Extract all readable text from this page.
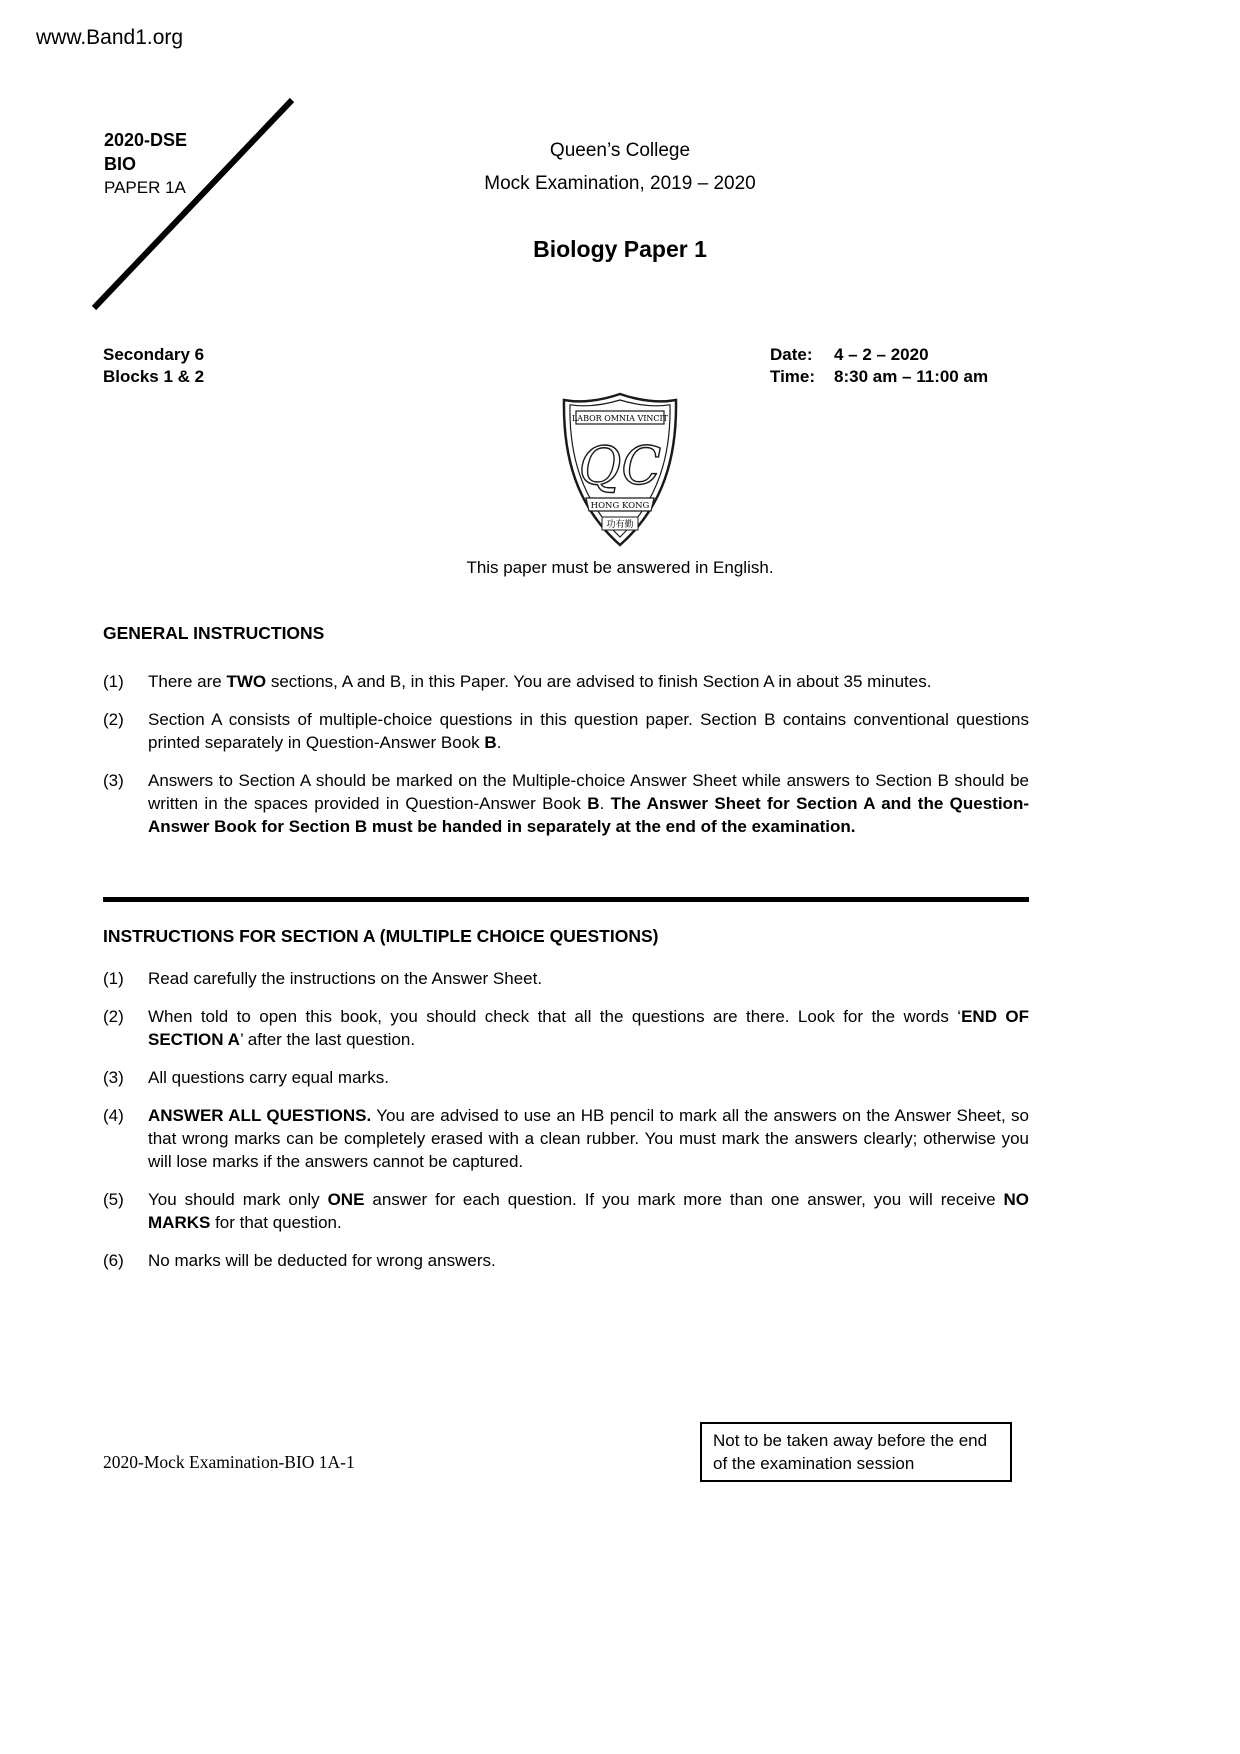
www.Band1.org
2020-DSE
BIO
PAPER 1A
Queen’s College
Mock Examination, 2019 – 2020
Biology Paper 1
Secondary 6
Blocks 1 & 2
Date: 4 – 2 – 2020
Time: 8:30 am – 11:00 am
LABOR OMNIA VINCIT
QC
HONG KONG
功有勤
This paper must be answered in English.
GENERAL INSTRUCTIONS
(1)	There are TWO sections, A and B, in this Paper. You are advised to finish Section A in about 35 minutes.
(2)	Section A consists of multiple-choice questions in this question paper. Section B contains conventional questions printed separately in Question-Answer Book B.
(3)	Answers to Section A should be marked on the Multiple-choice Answer Sheet while answers to Section B should be written in the spaces provided in Question-Answer Book B. The Answer Sheet for Section A and the Question-Answer Book for Section B must be handed in separately at the end of the examination.
INSTRUCTIONS FOR SECTION A (MULTIPLE CHOICE QUESTIONS)
(1)	Read carefully the instructions on the Answer Sheet.
(2)	When told to open this book, you should check that all the questions are there. Look for the words ‘END OF SECTION A’ after the last question.
(3)	All questions carry equal marks.
(4)	ANSWER ALL QUESTIONS. You are advised to use an HB pencil to mark all the answers on the Answer Sheet, so that wrong marks can be completely erased with a clean rubber. You must mark the answers clearly; otherwise you will lose marks if the answers cannot be captured.
(5)	You should mark only ONE answer for each question. If you mark more than one answer, you will receive NO MARKS for that question.
(6)	No marks will be deducted for wrong answers.
2020-Mock Examination-BIO 1A-1
Not to be taken away before the end of the examination session
